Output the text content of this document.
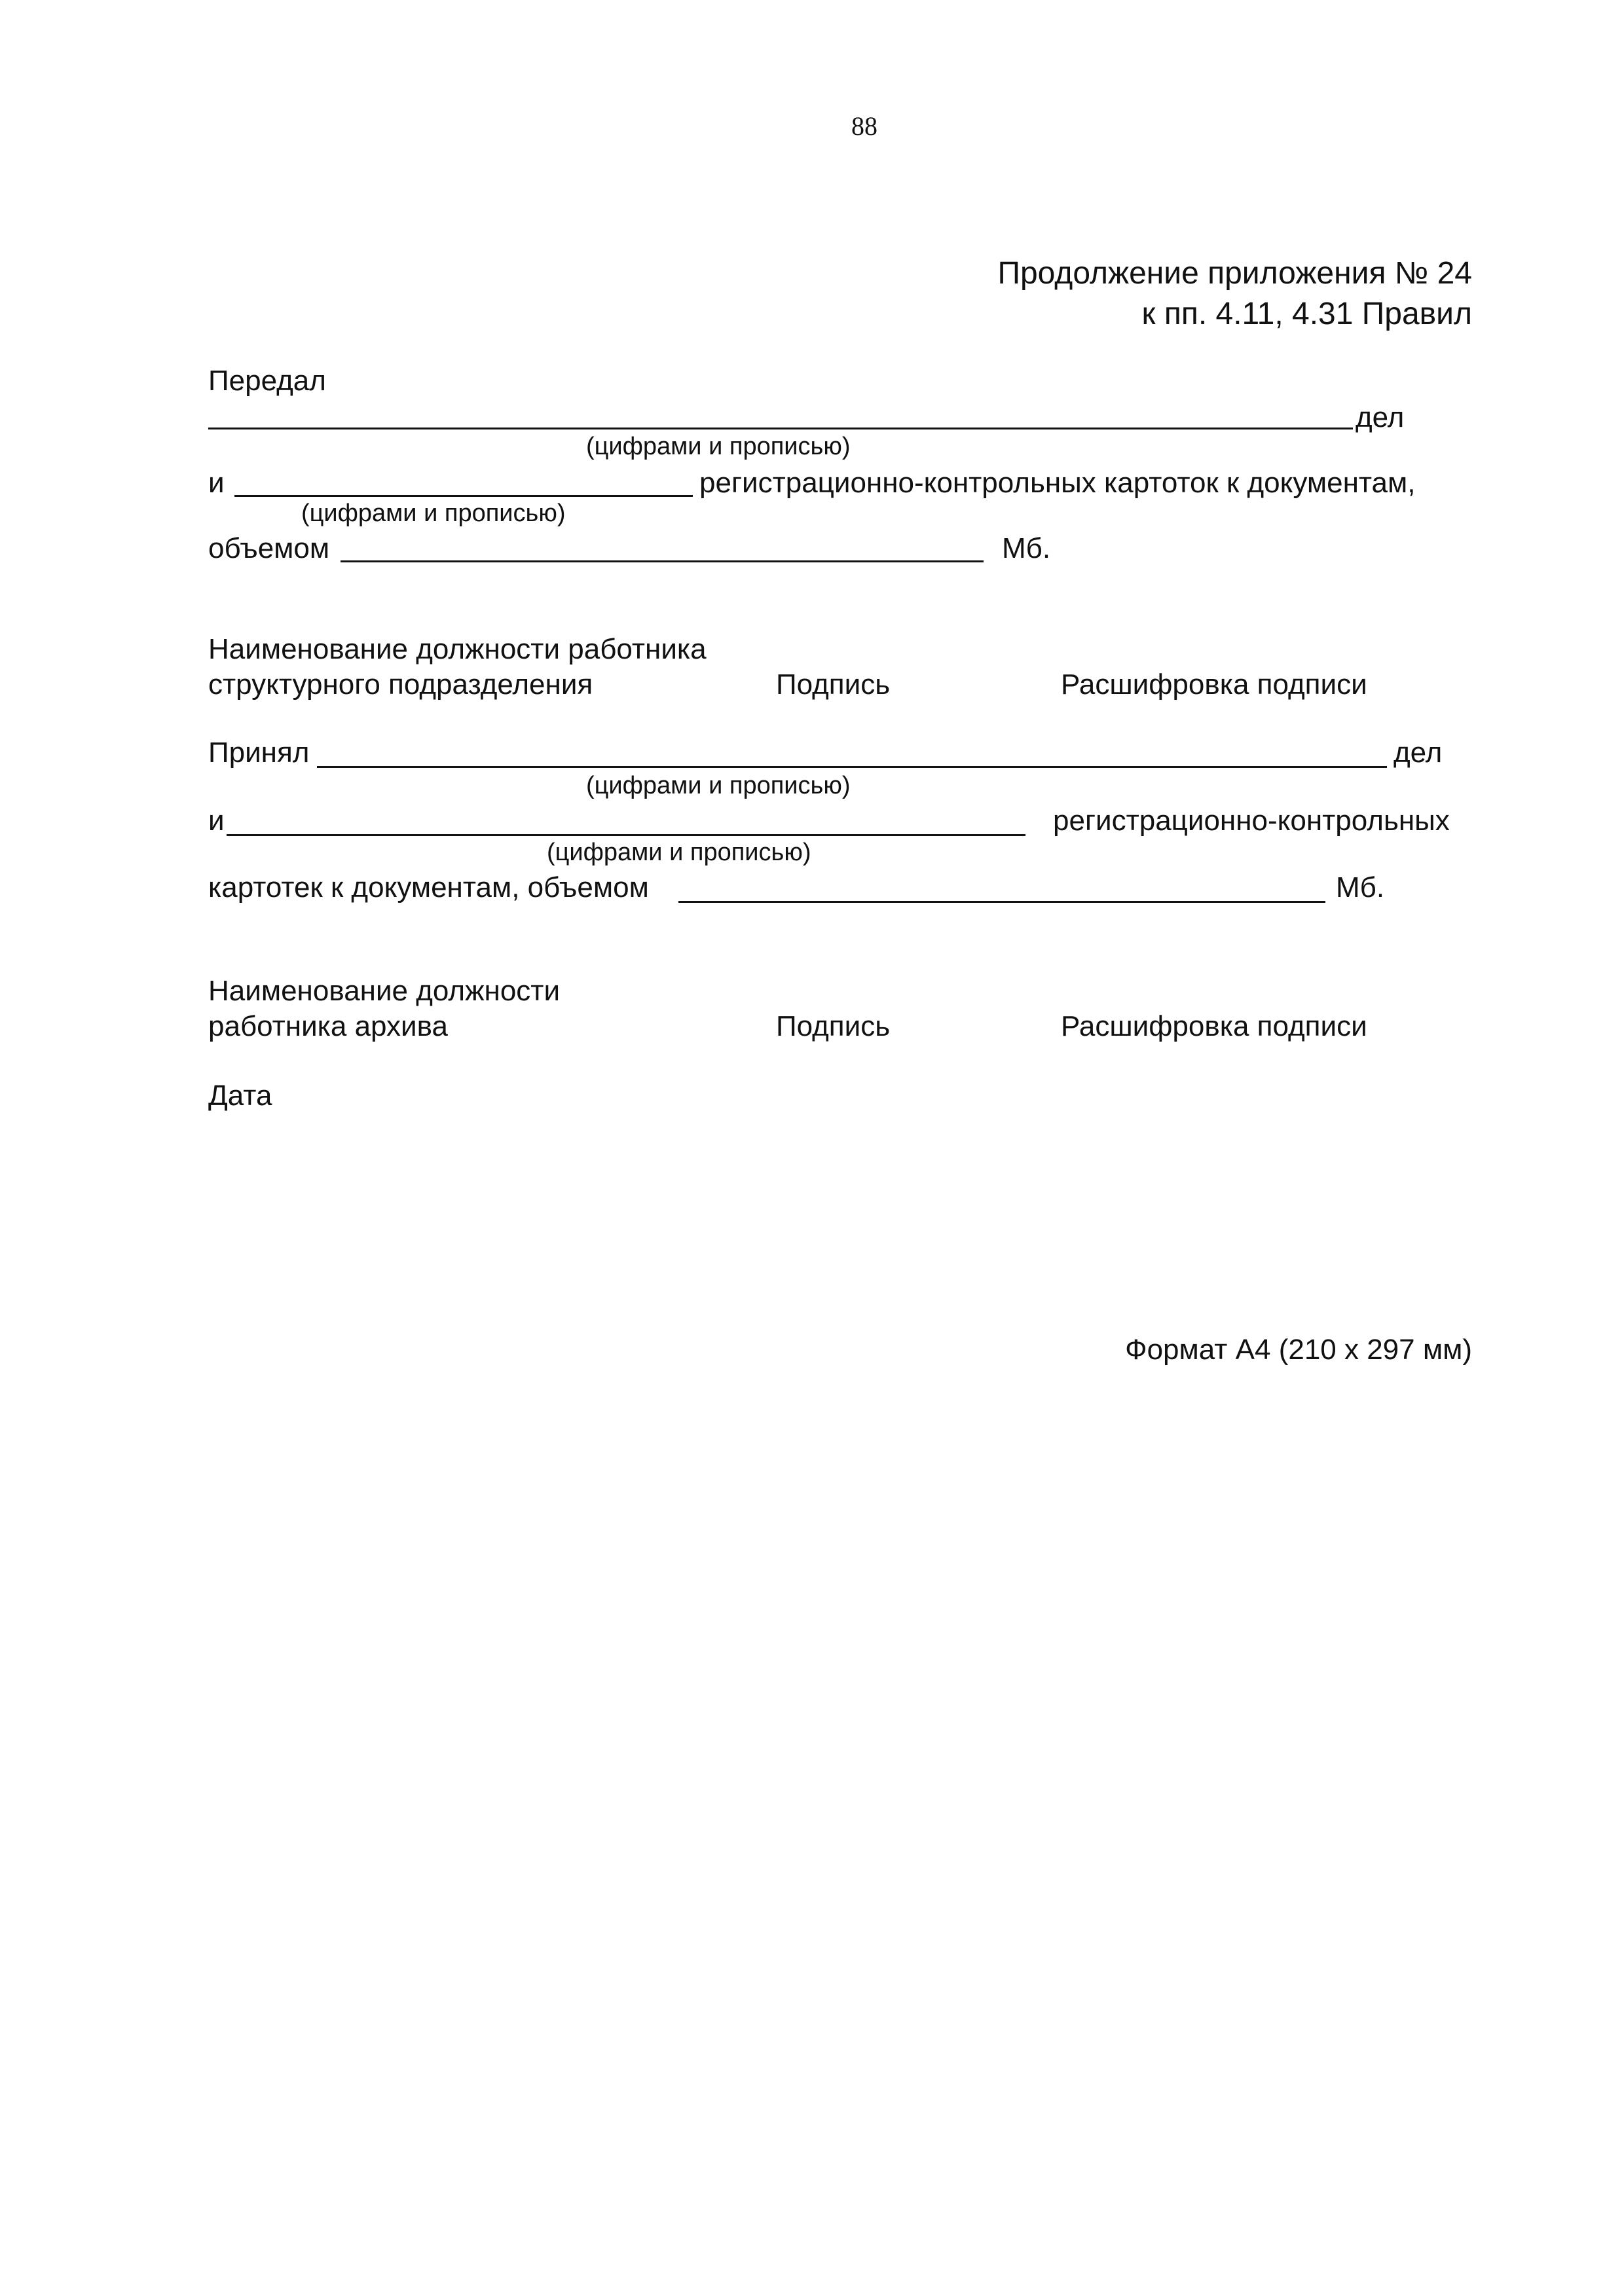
88
Продолжение приложения № 24
к пп. 4.11, 4.31 Правил
Передал
дел
(цифрами и прописью)
и	регистрационно-контрольных картоток к документам,
(цифрами и прописью)
объемом	Мб.
Наименование должности работника
структурного подразделения	Подпись	Расшифровка подписи
Принял	дел
(цифрами и прописью)
и	регистрационно-контрольных
(цифрами и прописью)
картотек к документам, объемом	Мб.
Наименование должности
работника архива	Подпись	Расшифровка подписи
Дата
Формат А4 (210 х 297 мм)
